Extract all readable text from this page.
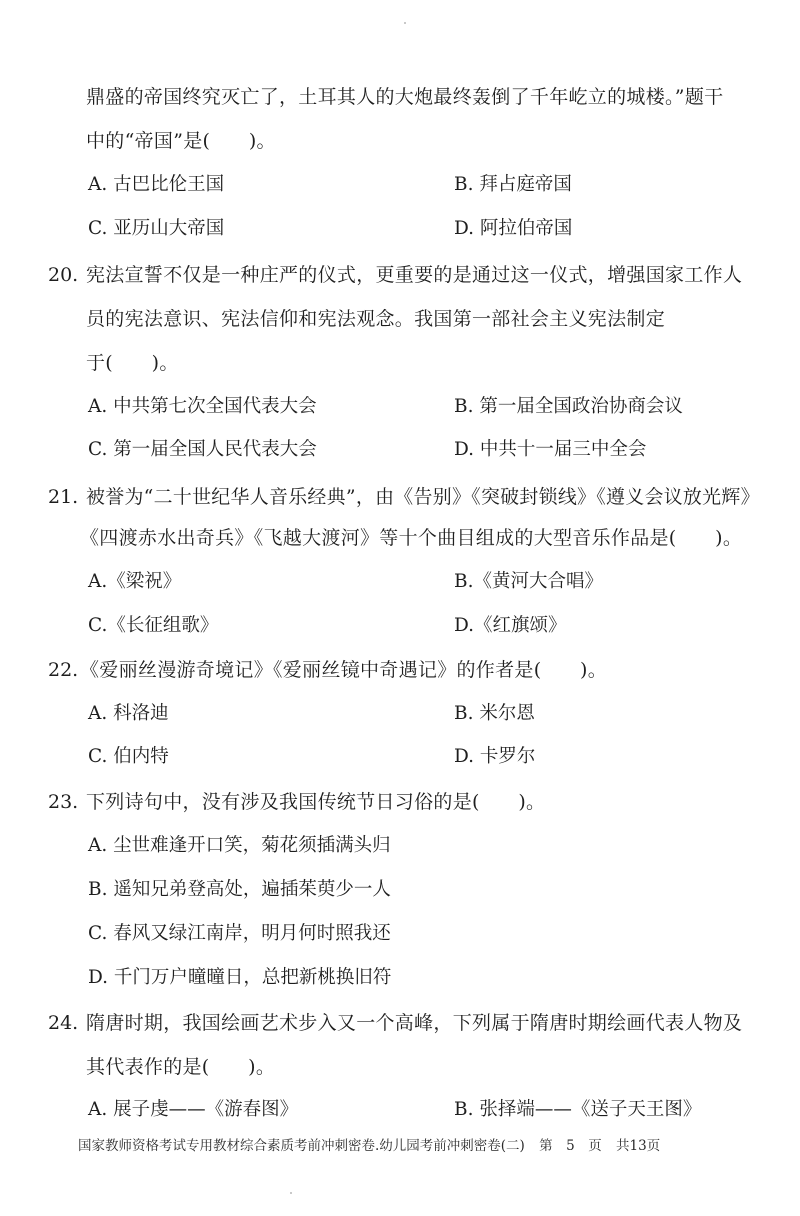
鼎盛的帝国终究灭亡了，土耳其人的大炮最终轰倒了千年屹立的城楼。”题干
中的“帝国”是(　　)。
A. 古巴比伦王国	B. 拜占庭帝国
C. 亚历山大帝国	D. 阿拉伯帝国
20. 宪法宣誓不仅是一种庄严的仪式，更重要的是通过这一仪式，增强国家工作人
员的宪法意识、宪法信仰和宪法观念。我国第一部社会主义宪法制定
于(　　)。
A. 中共第七次全国代表大会	B. 第一届全国政治协商会议
C. 第一届全国人民代表大会	D. 中共十一届三中全会
21. 被誉为“二十世纪华人音乐经典”，由《告别》《突破封锁线》《遵义会议放光辉》
《四渡赤水出奇兵》《飞越大渡河》等十个曲目组成的大型音乐作品是(　　)。
A.《梁祝》	B.《黄河大合唱》
C.《长征组歌》	D.《红旗颂》
22. 《爱丽丝漫游奇境记》《爱丽丝镜中奇遇记》的作者是(　　)。
A. 科洛迪	B. 米尔恩
C. 伯内特	D. 卡罗尔
23. 下列诗句中，没有涉及我国传统节日习俗的是(　　)。
A. 尘世难逢开口笑，菊花须插满头归
B. 遥知兄弟登高处，遍插茱萸少一人
C. 春风又绿江南岸，明月何时照我还
D. 千门万户曈曈日，总把新桃换旧符
24. 隋唐时期，我国绘画艺术步入又一个高峰，下列属于隋唐时期绘画代表人物及
其代表作的是(　　)。
A. 展子虔——《游春图》	B. 张择端——《送子天王图》
国家教师资格考试专用教材综合素质考前冲刺密卷.幼儿园考前冲刺密卷(二) 第　5　页 共13页
